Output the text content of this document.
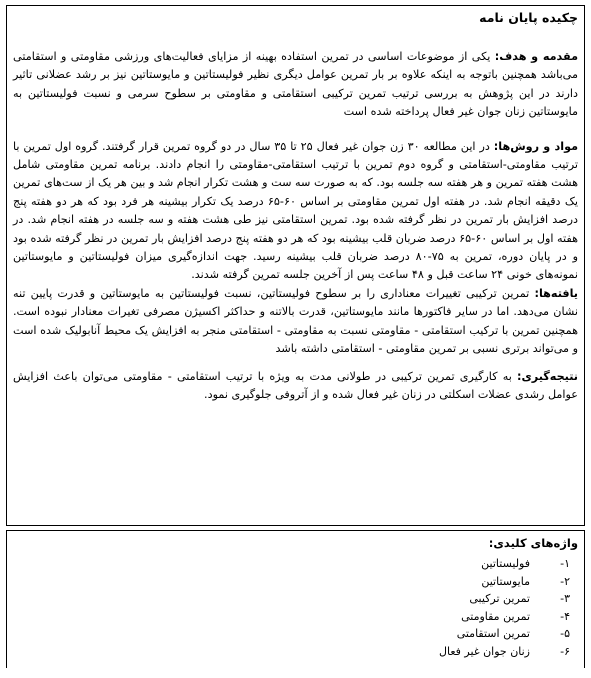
چکیده پایان نامه

مقدمه و هدف: یکی از موضوعات اساسی در تمرین استفاده بهینه از مزایای فعالیت‌های ورزشی مقاومتی و استقامتی می‌باشد همچنین باتوجه به اینکه علاوه بر بار تمرین عوامل دیگری نظیر فولیستاتین و مایوستاتین نیز بر رشد عضلانی تاثیر دارند در این پژوهش به بررسی ترتیب تمرین ترکیبی استقامتی و مقاومتی بر سطوح سرمی و نسبت فولیستاتین به مایوستاتین زنان جوان غیر فعال پرداخته شده است

مواد و روش‌ها: در این مطالعه ۳۰ زن جوان غیر فعال ۲۵ تا ۳۵ سال در دو گروه تمرین قرار گرفتند. گروه اول تمرین با ترتیب مقاومتی-استقامتی و گروه دوم تمرین با ترتیب استقامتی-مقاومتی را انجام دادند. برنامه تمرین مقاومتی شامل هشت هفته تمرین و هر هفته سه جلسه بود. که به صورت سه ست و هشت تکرار انجام شد و بین هر یک از ست‌های تمرین یک دقیقه انجام شد. در هفته اول تمرین مقاومتی بر اساس ۶۰-۶۵ درصد یک تکرار بیشینه هر فرد بود که هر دو هفته پنج درصد افزایش بار تمرین در نظر گرفته شده بود. تمرین استقامتی نیز طی هشت هفته و سه جلسه در هفته انجام شد. در هفته اول بر اساس ۶۰-۶۵ درصد ضربان قلب بیشینه بود که هر دو هفته پنج درصد افزایش بار تمرین در نظر گرفته شده بود و در پایان دوره، تمرین به ۷۵-۸۰ درصد ضربان قلب بیشینه رسید. جهت اندازه‌گیری میزان فولیستاتین و مایوستاتین نمونه‌های خونی ۲۴ ساعت قبل و ۴۸ ساعت پس از آخرین جلسه تمرین گرفته شدند.

یافته‌ها: تمرین ترکیبی تغییرات معناداری را بر سطوح فولیستاتین، نسبت فولیستاتین به مایوستاتین و قدرت پایین تنه نشان می‌دهد. اما در سایر فاکتورها مانند مایوستاتین، قدرت بالاتنه و حداکثر اکسیژن مصرفی تغیرات معنادار نبوده است. همچنین تمرین با ترکیب استقامتی - مقاومتی نسبت به مقاومتی - استقامتی منجر به افزایش یک محیط آنابولیک شده است و می‌تواند برتری نسبی بر تمرین مقاومتی - استقامتی داشته باشد

نتیجه‌گیری: به کارگیری تمرین ترکیبی در طولانی مدت به ویژه با ترتیب استقامتی - مقاومتی می‌توان باعث افزایش عوامل رشدی عضلات اسکلتی در زنان غیر فعال شده و از آتروفی جلوگیری نمود.

واژه‌های کلیدی:
۱-
فولیستاتین
۲-
مایوستاتین
۳-
تمرین ترکیبی
۴-
تمرین مقاومتی
۵-
تمرین استقامتی
۶-
زنان جوان غیر فعال
